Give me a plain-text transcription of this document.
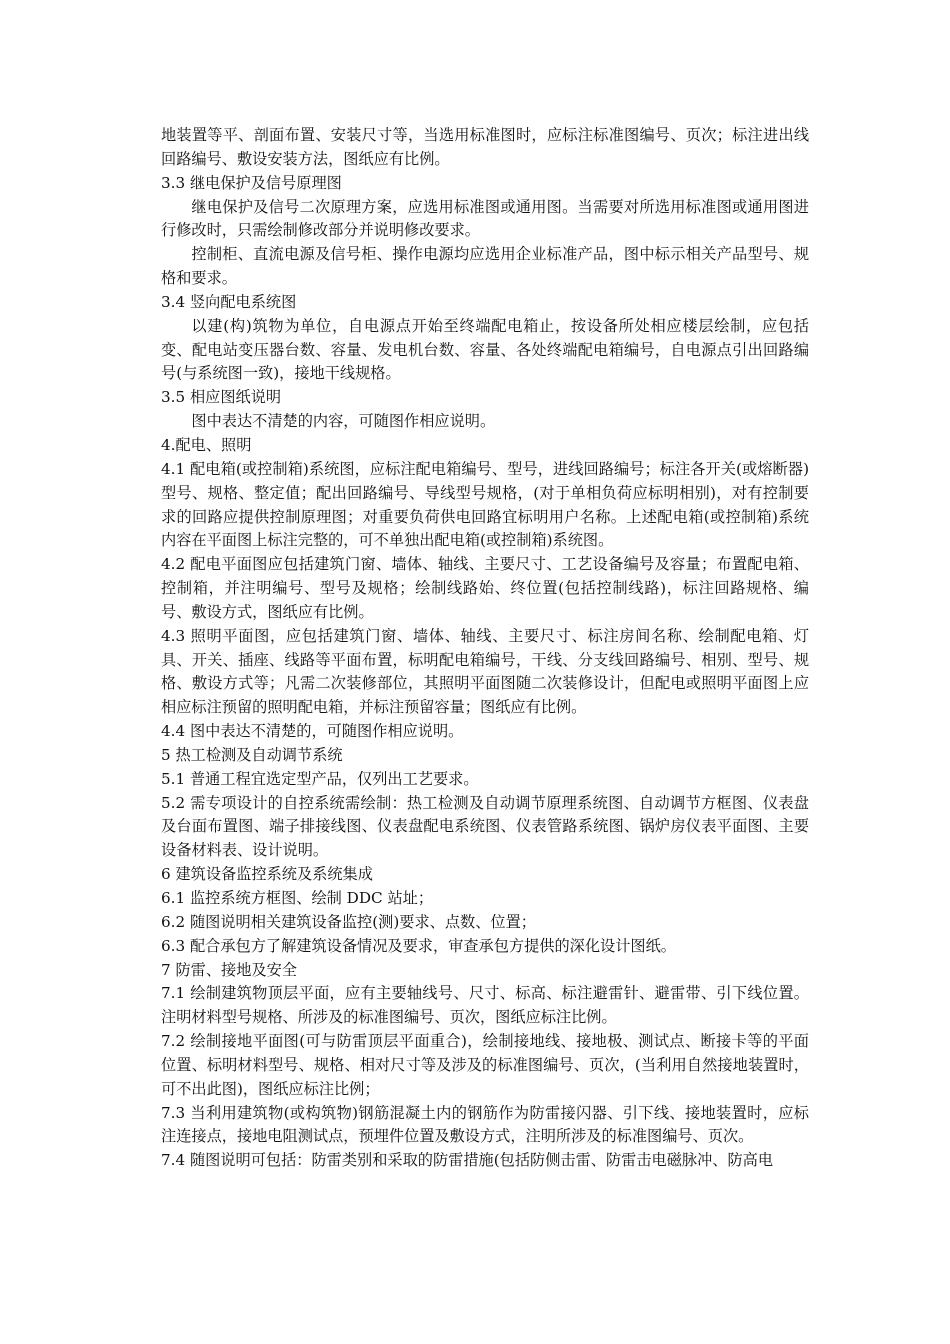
地装置等平、剖面布置、安装尺寸等，当选用标准图时，应标注标准图编号、页次；标注进出线回路编号、敷设安装方法，图纸应有比例。

3.3 继电保护及信号原理图

继电保护及信号二次原理方案，应选用标准图或通用图。当需要对所选用标准图或通用图进行修改时，只需绘制修改部分并说明修改要求。

控制柜、直流电源及信号柜、操作电源均应选用企业标准产品，图中标示相关产品型号、规格和要求。

3.4 竖向配电系统图

以建(构)筑物为单位，自电源点开始至终端配电箱止，按设备所处相应楼层绘制，应包括变、配电站变压器台数、容量、发电机台数、容量、各处终端配电箱编号，自电源点引出回路编号(与系统图一致)，接地干线规格。

3.5 相应图纸说明

图中表达不清楚的内容，可随图作相应说明。

4.配电、照明

4.1 配电箱(或控制箱)系统图，应标注配电箱编号、型号，进线回路编号；标注各开关(或熔断器)型号、规格、整定值；配出回路编号、导线型号规格，(对于单相负荷应标明相别)，对有控制要求的回路应提供控制原理图；对重要负荷供电回路宜标明用户名称。上述配电箱(或控制箱)系统内容在平面图上标注完整的，可不单独出配电箱(或控制箱)系统图。

4.2 配电平面图应包括建筑门窗、墙体、轴线、主要尺寸、工艺设备编号及容量；布置配电箱、控制箱，并注明编号、型号及规格；绘制线路始、终位置(包括控制线路)，标注回路规格、编号、敷设方式，图纸应有比例。

4.3 照明平面图，应包括建筑门窗、墙体、轴线、主要尺寸、标注房间名称、绘制配电箱、灯具、开关、插座、线路等平面布置，标明配电箱编号，干线、分支线回路编号、相别、型号、规格、敷设方式等；凡需二次装修部位，其照明平面图随二次装修设计，但配电或照明平面图上应相应标注预留的照明配电箱，并标注预留容量；图纸应有比例。

4.4 图中表达不清楚的，可随图作相应说明。

5 热工检测及自动调节系统

5.1 普通工程宜选定型产品，仅列出工艺要求。

5.2 需专项设计的自控系统需绘制：热工检测及自动调节原理系统图、自动调节方框图、仪表盘及台面布置图、端子排接线图、仪表盘配电系统图、仪表管路系统图、锅炉房仪表平面图、主要设备材料表、设计说明。

6 建筑设备监控系统及系统集成

6.1 监控系统方框图、绘制 DDC 站址；

6.2 随图说明相关建筑设备监控(测)要求、点数、位置；

6.3 配合承包方了解建筑设备情况及要求，审查承包方提供的深化设计图纸。

7 防雷、接地及安全

7.1 绘制建筑物顶层平面，应有主要轴线号、尺寸、标高、标注避雷针、避雷带、引下线位置。注明材料型号规格、所涉及的标准图编号、页次，图纸应标注比例。

7.2 绘制接地平面图(可与防雷顶层平面重合)，绘制接地线、接地极、测试点、断接卡等的平面位置、标明材料型号、规格、相对尺寸等及涉及的标准图编号、页次，(当利用自然接地装置时，可不出此图)，图纸应标注比例；

7.3 当利用建筑物(或构筑物)钢筋混凝土内的钢筋作为防雷接闪器、引下线、接地装置时，应标注连接点，接地电阻测试点，预埋件位置及敷设方式，注明所涉及的标准图编号、页次。

7.4 随图说明可包括：防雷类别和采取的防雷措施(包括防侧击雷、防雷击电磁脉冲、防高电
